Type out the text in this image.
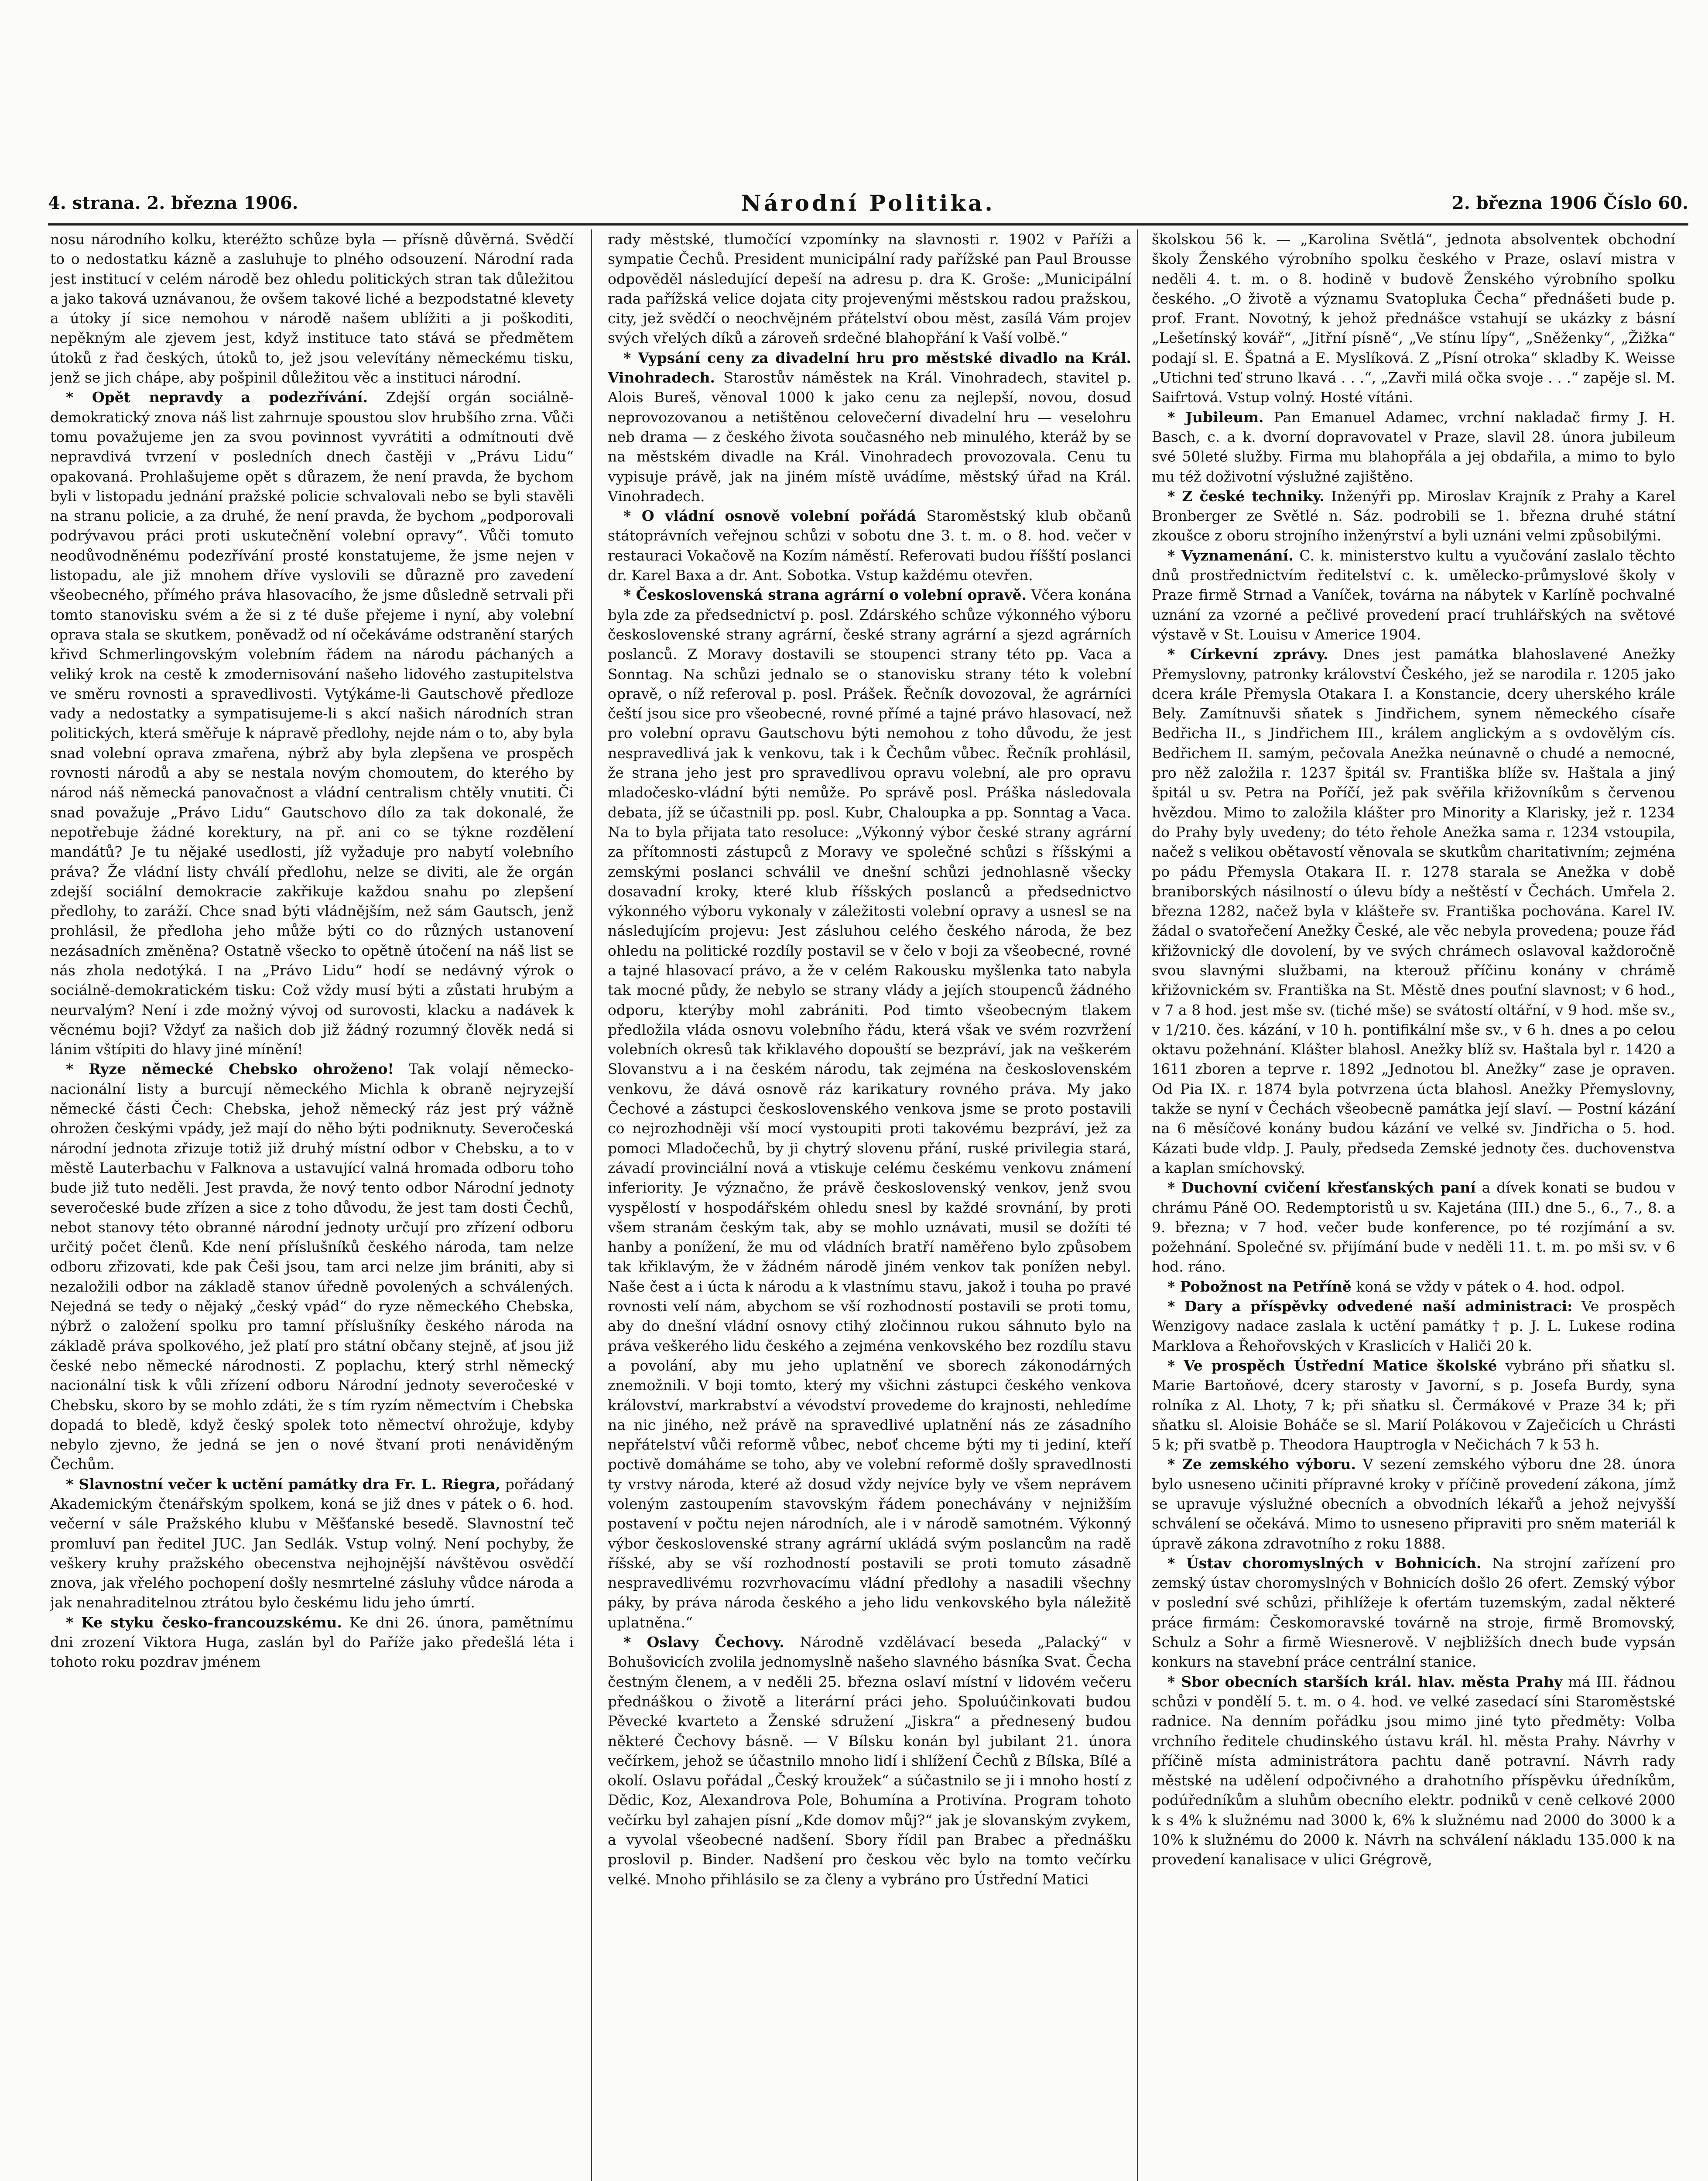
4. strana. 2. března 1906.	Národní Politika.	2. března 1906 Číslo 60.

nosu národního kolku, kteréžto schůze byla — přísně důvěrná. Svědčí to o nedostatku kázně a zasluhuje to plného odsouzení. Národní rada jest institucí v celém národě bez ohledu politických stran tak důležitou a jako taková uznávanou, že ovšem takové liché a bezpodstatné klevety a útoky jí sice nemohou v národě našem ublížiti a ji poškoditi, nepěkným ale zjevem jest, když instituce tato stává se předmětem útoků z řad českých, útoků to, jež jsou velevítány německému tisku, jenž se jich chápe, aby pošpinil důležitou věc a instituci národní.

* Opět nepravdy a podezřívání. Zdejší orgán sociálně-demokratický znova náš list zahrnuje spoustou slov hrubšího zrna. Vůči tomu považujeme jen za svou povinnost vyvrátiti a odmítnouti dvě nepravdivá tvrzení v posledních dnech častěji v „Právu Lidu“ opakovaná. Prohlašujeme opět s důrazem, že není pravda, že bychom byli v listopadu jednání pražské policie schvalovali nebo se byli stavěli na stranu policie, a za druhé, že není pravda, že bychom „podporovali podrývavou práci proti uskutečnění volební opravy“. Vůči tomuto neodůvodněnému podezřívání prosté konstatujeme, že jsme nejen v listopadu, ale již mnohem dříve vyslovili se důrazně pro zavedení všeobecného, přímého práva hlasovacího, že jsme důsledně setrvali při tomto stanovisku svém a že si z té duše přejeme i nyní, aby volební oprava stala se skutkem, poněvadž od ní očekáváme odstranění starých křivd Schmerlingovským volebním řádem na národu páchaných a veliký krok na cestě k zmodernisování našeho lidového zastupitelstva ve směru rovnosti a spravedlivosti. Vytýkáme-li Gautschově předloze vady a nedostatky a sympatisujeme-li s akcí našich národních stran politických, která směřuje k nápravě předlohy, nejde nám o to, aby byla snad volební oprava zmařena, nýbrž aby byla zlepšena ve prospěch rovnosti národů a aby se nestala novým chomoutem, do kterého by národ náš německá panovačnost a vládní centralism chtěly vnutiti. Či snad považuje „Právo Lidu“ Gautschovo dílo za tak dokonalé, že nepotřebuje žádné korektury, na př. ani co se týkne rozdělení mandátů? Je tu nějaké usedlosti, jíž vyžaduje pro nabytí volebního práva? Že vládní listy chválí předlohu, nelze se diviti, ale že orgán zdejší sociální demokracie zakřikuje každou snahu po zlepšení předlohy, to zaráží. Chce snad býti vládnějším, než sám Gautsch, jenž prohlásil, že předloha jeho může býti co do různých ustanovení nezásadních změněna? Ostatně všecko to opětně útočení na náš list se nás zhola nedotýká. I na „Právo Lidu“ hodí se nedávný výrok o sociálně-demokratickém tisku: Což vždy musí býti a zůstati hrubým a neurvalým? Není i zde možný vývoj od surovosti, klacku a nadávek k věcnému boji? Vždyť za našich dob již žádný rozumný člověk nedá si lánim vštípiti do hlavy jiné mínění!

* Ryze německé Chebsko ohroženo! Tak volají německo-nacionální listy a burcují německého Michla k obraně nejryzejší německé části Čech: Chebska, jehož německý ráz jest prý vážně ohrožen českými vpády, jež mají do něho býti podniknuty. Severočeská národní jednota zřizuje totiž již druhý místní odbor v Chebsku, a to v městě Lauterbachu v Falknova a ustavující valná hromada odboru toho bude již tuto neděli. Jest pravda, že nový tento odbor Národní jednoty severočeské bude zřízen a sice z toho důvodu, že jest tam dosti Čechů, nebot stanovy této obranné národní jednoty určují pro zřízení odboru určitý počet členů. Kde není příslušníků českého národa, tam nelze odboru zřizovati, kde pak Češi jsou, tam arci nelze jim brániti, aby si nezaložili odbor na základě stanov úředně povolených a schválených. Nejedná se tedy o nějaký „český vpád“ do ryze německého Chebska, nýbrž o založení spolku pro tamní příslušníky českého národa na základě práva spolkového, jež platí pro státní občany stejně, ať jsou již české nebo německé národnosti. Z poplachu, který strhl německý nacionální tisk k vůli zřízení odboru Národní jednoty severočeské v Chebsku, skoro by se mohlo zdáti, že s tím ryzím němectvím i Chebska dopadá to bledě, když český spolek toto němectví ohrožuje, kdyby nebylo zjevno, že jedná se jen o nové štvaní proti nenáviděným Čechům.

* Slavnostní večer k uctění památky dra Fr. L. Riegra, pořádaný Akademickým čtenářským spolkem, koná se již dnes v pátek o 6. hod. večerní v sále Pražského klubu v Měšťanské besedě. Slavnostní teč promluví pan ředitel JUC. Jan Sedlák. Vstup volný. Není pochyby, že veškery kruhy pražského obecenstva nejhojnější návštěvou osvědčí znova, jak vřelého pochopení došly nesmrtelné zásluhy vůdce národa a jak nenahraditelnou ztrátou bylo českému lidu jeho úmrtí.

* Ke styku česko-francouzskému. Ke dni 26. února, pamětnímu dni zrození Viktora Huga, zaslán byl do Paříže jako předešlá léta i tohoto roku pozdrav jménem

rady městské, tlumočící vzpomínky na slavnosti r. 1902 v Paříži a sympatie Čechů. President municipální rady pařížské pan Paul Brousse odpověděl následující depeší na adresu p. dra K. Groše: „Municipální rada pařížská velice dojata city projevenými městskou radou pražskou, city, jež svědčí o neochvějném přátelství obou měst, zasílá Vám projev svých vřelých díků a zároveň srdečné blahopřání k Vaší volbě.“

* Vypsání ceny za divadelní hru pro městské divadlo na Král. Vinohradech. Starostův náměstek na Král. Vinohradech, stavitel p. Alois Bureš, věnoval 1000 k jako cenu za nejlepší, novou, dosud neprovozovanou a netištěnou celovečerní divadelní hru — veselohru neb drama — z českého života současného neb minulého, kteráž by se na městském divadle na Král. Vinohradech provozovala. Cenu tu vypisuje právě, jak na jiném místě uvádíme, městský úřad na Král. Vinohradech.

* O vládní osnově volební pořádá Staroměstský klub občanů státoprávních veřejnou schůzi v sobotu dne 3. t. m. o 8. hod. večer v restauraci Vokačově na Kozím náměstí. Referovati budou říšští poslanci dr. Karel Baxa a dr. Ant. Sobotka. Vstup každému otevřen.

* Československá strana agrární o volební opravě. Včera konána byla zde za předsednictví p. posl. Zdárského schůze výkonného výboru československé strany agrární, české strany agrární a sjezd agrárních poslanců. Z Moravy dostavili se stoupenci strany této pp. Vaca a Sonntag. Na schůzi jednalo se o stanovisku strany této k volební opravě, o níž referoval p. posl. Prášek. Řečník dovozoval, že agrárníci čeští jsou sice pro všeobecné, rovné přímé a tajné právo hlasovací, než pro volební opravu Gautschovu býti nemohou z toho důvodu, že jest nespravedlivá jak k venkovu, tak i k Čechům vůbec. Řečník prohlásil, že strana jeho jest pro spravedlivou opravu volební, ale pro opravu mladočesko-vládní býti nemůže. Po správě posl. Práška následovala debata, jíž se účastnili pp. posl. Kubr, Chaloupka a pp. Sonntag a Vaca. Na to byla přijata tato resoluce: „Výkonný výbor české strany agrární za přítomnosti zástupců z Moravy ve společné schůzi s říšskými a zemskými poslanci schválil ve dnešní schůzi jednohlasně všecky dosavadní kroky, které klub říšských poslanců a předsednictvo výkonného výboru vykonaly v záležitosti volební opravy a usnesl se na následujícím projevu: Jest zásluhou celého českého národa, že bez ohledu na politické rozdíly postavil se v čelo v boji za všeobecné, rovné a tajné hlasovací právo, a že v celém Rakousku myšlenka tato nabyla tak mocné půdy, že nebylo se strany vlády a jejích stoupenců žádného odporu, kterýby mohl zabrániti. Pod timto všeobecným tlakem předložila vláda osnovu volebního řádu, která však ve svém rozvržení volebních okresů tak křiklavého dopouští se bezpráví, jak na veškerém Slovanstvu a i na českém národu, tak zejména na československém venkovu, že dává osnově ráz karikatury rovného práva. My jako Čechové a zástupci československého venkova jsme se proto postavili co nejrozhodněji vší mocí vystoupiti proti takovému bezpráví, jež za pomoci Mladočechů, by ji chytrý slovenu přání, ruské privilegia stará, závadí provinciální nová a vtiskuje celému českému venkovu známení inferiority. Je význačno, že právě československý venkov, jenž svou vyspělostí v hospodářském ohledu snesl by každé srovnání, by proti všem stranám českým tak, aby se mohlo uznávati, musil se dožíti té hanby a ponížení, že mu od vládních bratří naměřeno bylo způsobem tak křiklavým, že v žádném národě jiném venkov tak ponížen nebyl. Naše čest a i úcta k národu a k vlastnímu stavu, jakož i touha po pravé rovnosti velí nám, abychom se vší rozhodností postavili se proti tomu, aby do dnešní vládní osnovy ctihý zločinnou rukou sáhnuto bylo na práva veškerého lidu českého a zejména venkovského bez rozdílu stavu a povolání, aby mu jeho uplatnění ve sborech zákonodárných znemožnili. V boji tomto, který my všichni zástupci českého venkova království, markrabství a vévodství provedeme do krajnosti, nehledíme na nic jiného, než právě na spravedlivé uplatnění nás ze zásadního nepřátelství vůči reformě vůbec, neboť chceme býti my ti jediní, kteří poctivě domáháme se toho, aby ve volební reformě došly spravedlnosti ty vrstvy národa, které až dosud vždy nejvíce byly ve všem neprávem voleným zastoupením stavovským řádem ponechávány v nejnižším postavení v počtu nejen národních, ale i v národě samotném. Výkonný výbor československé strany agrární ukládá svým poslancům na radě říšské, aby se vší rozhodností postavili se proti tomuto zásadně nespravedlivému rozvrhovacímu vládní předlohy a nasadili všechny páky, by práva národa českého a jeho lidu venkovského byla náležitě uplatněna.“

* Oslavy Čechovy. Národně vzdělávací beseda „Palacký“ v Bohušovicích zvolila jednomyslně našeho slavného básníka Svat. Čecha čestným členem, a v neděli 25. března oslaví místní v lidovém večeru přednáškou o životě a literární práci jeho. Spoluúčinkovati budou Pěvecké kvarteto a Ženské sdružení „Jiskra“ a přednesený budou některé Čechovy básně. — V Bílsku konán byl jubilant 21. února večírkem, jehož se účastnilo mnoho lidí i shlížení Čechů z Bílska, Bílé a okolí. Oslavu pořádal „Český kroužek“ a súčastnilo se ji i mnoho hostí z Dědic, Koz, Alexandrova Pole, Bohumína a Protivína. Program tohoto večírku byl zahajen písní „Kde domov můj?“ jak je slovanským zvykem, a vyvolal všeobecné nadšení. Sbory řídil pan Brabec a přednášku proslovil p. Binder. Nadšení pro českou věc bylo na tomto večírku velké. Mnoho přihlásilo se za členy a vybráno pro Ústřední Matici

školskou 56 k. — „Karolina Světlá“, jednota absolventek obchodní školy Ženského výrobního spolku českého v Praze, oslaví mistra v neděli 4. t. m. o 8. hodině v budově Ženského výrobního spolku českého. „O životě a významu Svatopluka Čecha“ přednášeti bude p. prof. Frant. Novotný, k jehož přednášce vstahují se ukázky z básní „Lešetínský kovář“, „Jitřní písně“, „Ve stínu lípy“, „Sněženky“, „Žižka“ podají sl. E. Špatná a E. Myslíková. Z „Písní otroka“ skladby K. Weisse „Utichni teď struno lkavá . . .“, „Zavři milá očka svoje . . .“ zapěje sl. M. Saifrtová. Vstup volný. Hosté vítáni.

* Jubileum. Pan Emanuel Adamec, vrchní nakladač firmy J. H. Basch, c. a k. dvorní dopravovatel v Praze, slavil 28. února jubileum své 50leté služby. Firma mu blahopřála a jej obdařila, a mimo to bylo mu též doživotní výslužné zajištěno.

* Z české techniky. Inženýři pp. Miroslav Krajník z Prahy a Karel Bronberger ze Světlé n. Sáz. podrobili se 1. března druhé státní zkoušce z oboru strojního inženýrství a byli uznáni velmi způsobilými.

* Vyznamenání. C. k. ministerstvo kultu a vyučování zaslalo těchto dnů prostřednictvím ředitelství c. k. umělecko-průmyslové školy v Praze firmě Strnad a Vaníček, továrna na nábytek v Karlíně pochvalné uznání za vzorné a pečlivé provedení prací truhlářských na světové výstavě v St. Louisu v Americe 1904.

* Církevní zprávy. Dnes jest památka blahoslavené Anežky Přemyslovny, patronky království Českého, jež se narodila r. 1205 jako dcera krále Přemysla Otakara I. a Konstancie, dcery uherského krále Bely. Zamítnuvši sňatek s Jindřichem, synem německého císaře Bedřicha II., s Jindřichem III., králem anglickým a s ovdovělým cís. Bedřichem II. samým, pečovala Anežka neúnavně o chudé a nemocné, pro něž založila r. 1237 špitál sv. Františka blíže sv. Haštala a jiný špitál u sv. Petra na Poříčí, jež pak svěřila křižovníkům s červenou hvězdou. Mimo to založila klášter pro Minority a Klarisky, jež r. 1234 do Prahy byly uvedeny; do této řehole Anežka sama r. 1234 vstoupila, načež s velikou obětavostí věnovala se skutkům charitativním; zejména po pádu Přemysla Otakara II. r. 1278 starala se Anežka v době braniborských násilností o úlevu bídy a neštěstí v Čechách. Umřela 2. března 1282, načež byla v klášteře sv. Františka pochována. Karel IV. žádal o svatořečení Anežky České, ale věc nebyla provedena; pouze řád křižovnický dle dovolení, by ve svých chrámech oslavoval každoročně svou slavnými službami, na kterouž příčinu konány v chrámě křižovnickém sv. Františka na St. Městě dnes pouťní slavnost; v 6 hod., v 7 a 8 hod. jest mše sv. (tiché mše) se svátostí oltářní, v 9 hod. mše sv., v 1/210. čes. kázání, v 10 h. pontifikální mše sv., v 6 h. dnes a po celou oktavu požehnání. Klášter blahosl. Anežky blíž sv. Haštala byl r. 1420 a 1611 zboren a teprve r. 1892 „Jednotou bl. Anežky“ zase je opraven. Od Pia IX. r. 1874 byla potvrzena úcta blahosl. Anežky Přemyslovny, takže se nyní v Čechách všeobecně památka její slaví. — Postní kázání na 6 měsíčové konány budou kázání ve velké sv. Jindřicha o 5. hod. Kázati bude vldp. J. Pauly, předseda Zemské jednoty čes. duchovenstva a kaplan smíchovský.

* Duchovní cvičení křesťanských paní a dívek konati se budou v chrámu Páně OO. Redemptoristů u sv. Kajetána (III.) dne 5., 6., 7., 8. a 9. března; v 7 hod. večer bude konference, po té rozjímání a sv. požehnání. Společné sv. přijímání bude v neděli 11. t. m. po mši sv. v 6 hod. ráno.

* Pobožnost na Petříně koná se vždy v pátek o 4. hod. odpol.

* Dary a příspěvky odvedené naší administraci: Ve prospěch Wenzigovy nadace zaslala k uctění památky † p. J. L. Lukese rodina Marklova a Řehořovských v Kraslicích v Haliči 20 k.

* Ve prospěch Ústřední Matice školské vybráno při sňatku sl. Marie Bartoňové, dcery starosty v Javorní, s p. Josefa Burdy, syna rolníka z Al. Lhoty, 7 k; při sňatku sl. Čermákové v Praze 34 k; při sňatku sl. Aloisie Boháče se sl. Marií Polákovou v Zaječicích u Chrásti 5 k; při svatbě p. Theodora Hauptrogla v Nečichách 7 k 53 h.

* Ze zemského výboru. V sezení zemského výboru dne 28. února bylo usneseno učiniti přípravné kroky v příčině provedení zákona, jímž se upravuje výslužné obecních a obvodních lékařů a jehož nejvyšší schválení se očekává. Mimo to usneseno připraviti pro sněm materiál k úpravě zákona zdravotního z roku 1888.

* Ústav choromyslných v Bohnicích. Na strojní zařízení pro zemský ústav choromyslných v Bohnicích došlo 26 ofert. Zemský výbor v poslední své schůzi, přihlížeje k ofertám tuzemským, zadal některé práce firmám: Českomoravské továrně na stroje, firmě Bromovský, Schulz a Sohr a firmě Wiesnerově. V nejbližších dnech bude vypsán konkurs na stavební práce centrální stanice.

* Sbor obecních starších král. hlav. města Prahy má III. řádnou schůzi v pondělí 5. t. m. o 4. hod. ve velké zasedací síni Staroměstské radnice. Na denním pořádku jsou mimo jiné tyto předměty: Volba vrchního ředitele chudinského ústavu král. hl. města Prahy. Návrhy v příčině místa administrátora pachtu daně potravní. Návrh rady městské na udělení odpočivného a drahotního příspěvku úředníkům, podúředníkům a sluhům obecního elektr. podniků v ceně celkové 2000 k s 4% k služnému nad 3000 k, 6% k služnému nad 2000 do 3000 k a 10% k služnému do 2000 k. Návrh na schválení nákladu 135.000 k na provedení kanalisace v ulici Grégrově,
